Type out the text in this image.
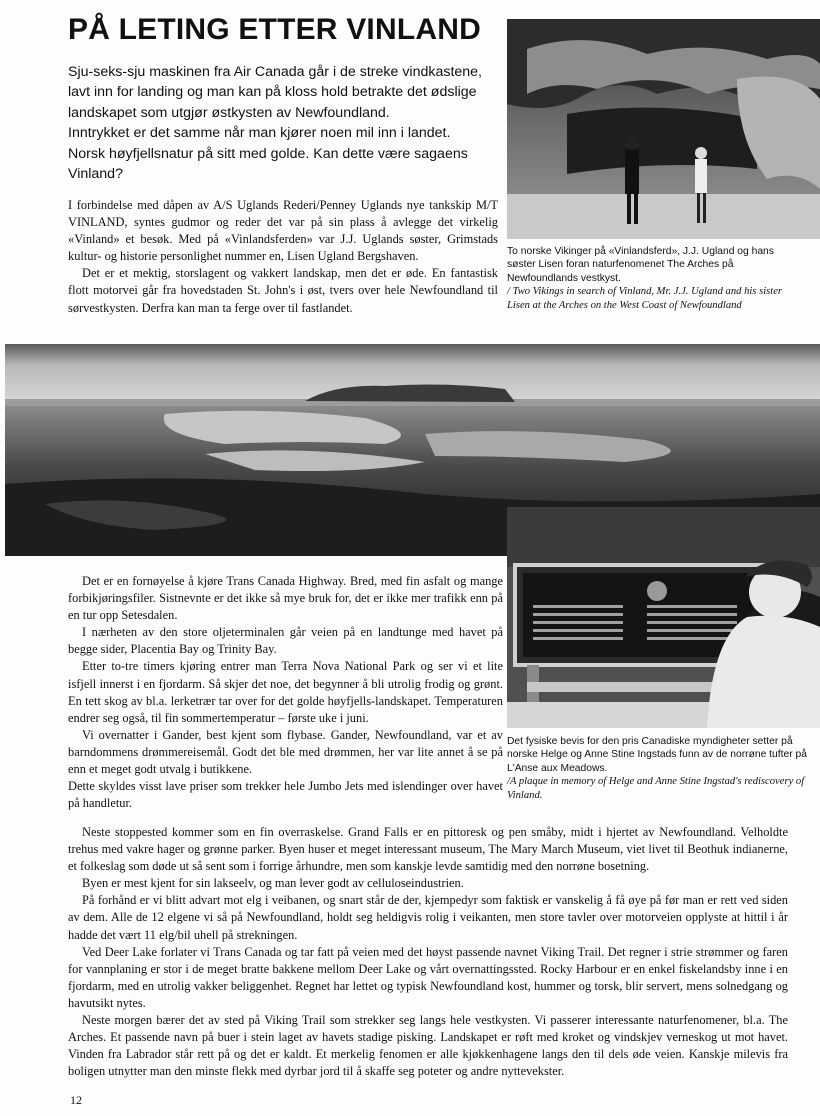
PÅ LETING ETTER VINLAND

Sju-seks-sju maskinen fra Air Canada går i de streke vindkastene,

lavt inn for landing og man kan på kloss hold betrakte det ødslige

landskapet som utgjør østkysten av Newfoundland.

Inntrykket er det samme når man kjører noen mil inn i landet.

Norsk høyfjellsnatur på sitt med golde. Kan dette være sagaens

Vinland?

I forbindelse med dåpen av A/S Uglands Rederi/Penney Uglands nye tankskip M/T VINLAND, syntes gudmor og reder det var på sin plass å avlegge det virkelig «Vinland» et besøk. Med på «Vinlandsferden» var J.J. Uglands søster, Grimstads kultur- og historie personlighet nummer en, Lisen Ugland Bergshaven.

Det er et mektig, storslagent og vakkert landskap, men det er øde. En fantastisk flott motorvei går fra hovedstaden St. John's i øst, tvers over hele Newfoundland til sørvestkysten. Derfra kan man ta ferge over til fastlandet.

To norske Vikinger på «Vinlandsferd», J.J. Ugland og hans søster Lisen foran naturfenomenet The Arches på Newfoundlands vestkyst.
/ Two Vikings in search of Vinland, Mr. J.J. Ugland and his sister Lisen at the Arches on the West Coast of Newfoundland
Det fysiske bevis for den pris Canadiske myndigheter setter på norske Helge og Anne Stine Ingstads funn av de norrøne tufter på L'Anse aux Meadows.
/A plaque in memory of Helge and Anne Stine Ingstad's rediscovery of Vinland.

Det er en fornøyelse å kjøre Trans Canada Highway. Bred, med fin asfalt og mange forbikjøringsfiler. Sistnevnte er det ikke så mye bruk for, det er ikke mer trafikk enn på en tur opp Setesdalen.

I nærheten av den store oljeterminalen går veien på en landtunge med havet på begge sider, Placentia Bay og Trinity Bay.

Etter to-tre timers kjøring entrer man Terra Nova National Park og ser vi et lite isfjell innerst i en fjordarm. Så skjer det noe, det begynner å bli utrolig frodig og grønt. En tett skog av bl.a. lerketrær tar over for det golde høyfjells-landskapet. Temperaturen endrer seg også, til fin sommertemperatur – første uke i juni.

Vi overnatter i Gander, best kjent som flybase. Gander, Newfoundland, var et av barndommens drømmereisemål. Godt det ble med drømmen, her var lite annet å se på enn et meget godt utvalg i butikkene.

Dette skyldes visst lave priser som trekker hele Jumbo Jets med islendinger over havet på handletur.

Neste stoppested kommer som en fin overraskelse. Grand Falls er en pittoresk og pen småby, midt i hjertet av Newfoundland. Velholdte trehus med vakre hager og grønne parker. Byen huser et meget interessant museum, The Mary March Museum, viet livet til Beothuk indianerne, et folkeslag som døde ut så sent som i forrige århundre, men som kanskje levde samtidig med den norrøne bosetning.

Byen er mest kjent for sin lakseelv, og man lever godt av celluloseindustrien.

På forhånd er vi blitt advart mot elg i veibanen, og snart står de der, kjempedyr som faktisk er vanskelig å få øye på før man er rett ved siden av dem. Alle de 12 elgene vi så på Newfoundland, holdt seg heldigvis rolig i veikanten, men store tavler over motorveien opplyste at hittil i år hadde det vært 11 elg/bil uhell på strekningen.

Ved Deer Lake forlater vi Trans Canada og tar fatt på veien med det høyst passende navnet Viking Trail. Det regner i strie strømmer og faren for vannplaning er stor i de meget bratte bakkene mellom Deer Lake og vårt overnattingssted. Rocky Harbour er en enkel fiskelandsby inne i en fjordarm, med en utrolig vakker beliggenhet. Regnet har lettet og typisk Newfoundland kost, hummer og torsk, blir servert, mens solnedgang og havutsikt nytes.

Neste morgen bærer det av sted på Viking Trail som strekker seg langs hele vestkysten. Vi passerer interessante naturfenomener, bl.a. The Arches. Et passende navn på buer i stein laget av havets stadige pisking. Landskapet er røft med kroket og vindskjev verneskog ut mot havet. Vinden fra Labrador står rett på og det er kaldt. Et merkelig fenomen er alle kjøkkenhagene langs den til dels øde veien. Kanskje milevis fra boligen utnytter man den minste flekk med dyrbar jord til å skaffe seg poteter og andre nyttevekster.

12
